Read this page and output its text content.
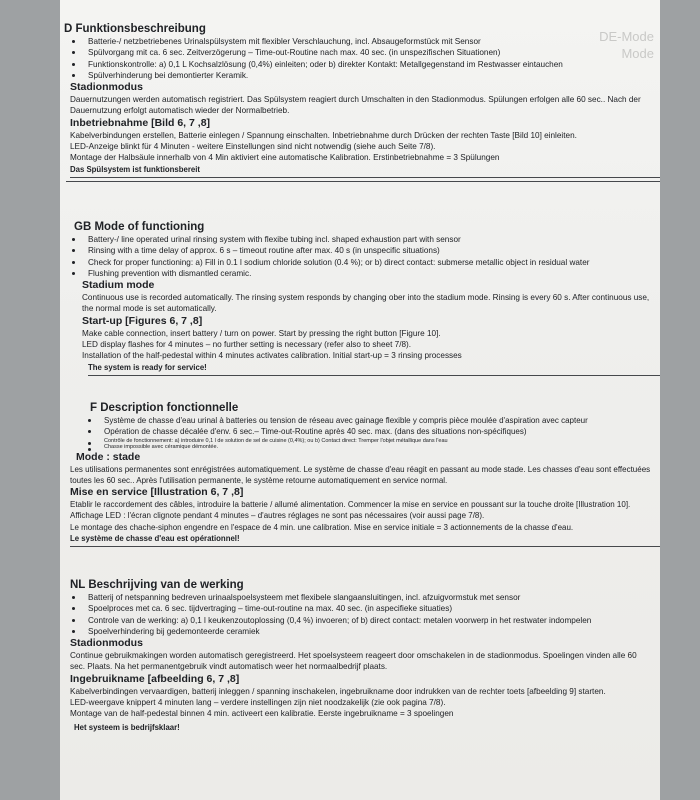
DE-Mode
Mode
D Funktionsbeschreibung
Batterie-/ netzbetriebenes Urinalspülsystem mit flexibler Verschlauchung, incl. Absaugeformstück mit Sensor
Spülvorgang mit ca. 6 sec. Zeitverzögerung – Time-out-Routine nach max. 40 sec. (in unspezifischen Situationen)
Funktionskontrolle: a) 0,1 L Kochsalzlösung (0,4%) einleiten; oder b) direkter Kontakt: Metallgegenstand im Restwasser eintauchen
Spülverhinderung bei demontierter Keramik.
Stadionmodus
Dauernutzungen werden automatisch registriert. Das Spülsystem reagiert durch Umschalten in den Stadionmodus. Spülungen erfolgen alle 60 sec.. Nach der Dauernutzung erfolgt automatisch wieder der Normalbetrieb.
Inbetriebnahme [Bild 6, 7 ,8]
Kabelverbindungen erstellen, Batterie einlegen / Spannung einschalten. Inbetriebnahme durch Drücken der rechten Taste [Bild 10] einleiten.
LED-Anzeige blinkt für 4 Minuten - weitere Einstellungen sind nicht notwendig (siehe auch Seite 7/8).
Montage der Halbsäule innerhalb von 4 Min aktiviert eine automatische Kalibration. Erstinbetriebnahme = 3 Spülungen
Das Spülsystem ist funktionsbereit
GB Mode of functioning
Battery-/ line operated urinal rinsing system with flexibe tubing incl. shaped exhaustion part with sensor
Rinsing with a time delay of approx. 6 s – timeout routine after max. 40 s (in unspecific situations)
Check for proper functioning: a) Fill in 0.1 l sodium chloride solution (0.4 %); or b) direct contact: submerse metallic object in residual water
Flushing prevention with dismantled ceramic.
Stadium mode
Continuous use is recorded automatically. The rinsing system responds by changing ober into the stadium mode. Rinsing is every 60 s. After continuous use, the normal mode is set automatically.
Start-up [Figures 6, 7 ,8]
Make cable connection, insert battery / turn on power. Start by pressing the right button [Figure 10].
LED display flashes for 4 minutes – no further setting is necessary (refer also to sheet 7/8).
Installation of the half-pedestal within 4 minutes activates calibration. Initial start-up = 3 rinsing processes
The system is ready for service!
F Description fonctionnelle
Système de chasse d'eau urinal à batteries ou tension de réseau avec gainage flexible y compris pièce moulée d'aspiration avec capteur
Opération de chasse décalée d'env. 6 sec.– Time-out-Routine après 40 sec. max. (dans des situations non-spécifiques)
Contrôle de fonctionnement: a) introduire 0,1 l de solution de sel de cuisine (0,4%); ou b) Contact direct: Tremper l'objet métallique dans l'eau
Chasse impossible avec céramique démontée.
Mode : stade
Les utilisations permanentes sont enrégistrées automatiquement. Le système de chasse d'eau réagit en passant au mode stade. Les chasses d'eau sont effectuées toutes les 60 sec.. Après l'utilisation permanente, le système retourne automatiquement en service normal.
Mise en service [Illustration 6, 7 ,8]
Etablir le raccordement des câbles, introduire la batterie / allumé alimentation. Commencer la mise en service en poussant sur la touche droite [Illustration 10].
Affichage LED : l'écran clignote pendant 4 minutes – d'autres réglages ne sont pas nécessaires (voir aussi page 7/8).
Le montage des chache-siphon engendre en l'espace de 4 min. une calibration. Mise en service initiale = 3 actionnements de la chasse d'eau.
Le système de chasse d'eau est opérationnel!
NL Beschrijving van de werking
Batterij of netspanning bedreven urinaalspoelsysteem met flexibele slangaansluitingen, incl. afzuigvormstuk met sensor
Spoelproces met ca. 6 sec. tijdvertraging – time-out-routine na max. 40 sec. (in aspecifieke situaties)
Controle van de werking: a) 0,1 l keukenzoutoplossing (0,4 %) invoeren; of b) direct contact: metalen voorwerp in het restwater indompelen
Spoelverhindering bij gedemonteerde ceramiek
Stadionmodus
Continue gebruikmakingen worden automatisch geregistreerd. Het spoelsysteem reageert door omschakelen in de stadionmodus. Spoelingen vinden alle 60 sec. Plaats. Na het permanentgebruik vindt automatisch weer het normaalbedrijf plaats.
Ingebruikname [afbeelding 6, 7 ,8]
Kabelverbindingen vervaardigen, batterij inleggen / spanning inschakelen, ingebruikname door indrukken van de rechter toets [afbeelding 9] starten.
LED-weergave knippert 4 minuten lang – verdere instellingen zijn niet noodzakelijk (zie ook pagina 7/8).
Montage van de half-pedestal binnen 4 min. activeert een kalibratie. Eerste ingebruikname = 3 spoelingen
Het systeem is bedrijfsklaar!
